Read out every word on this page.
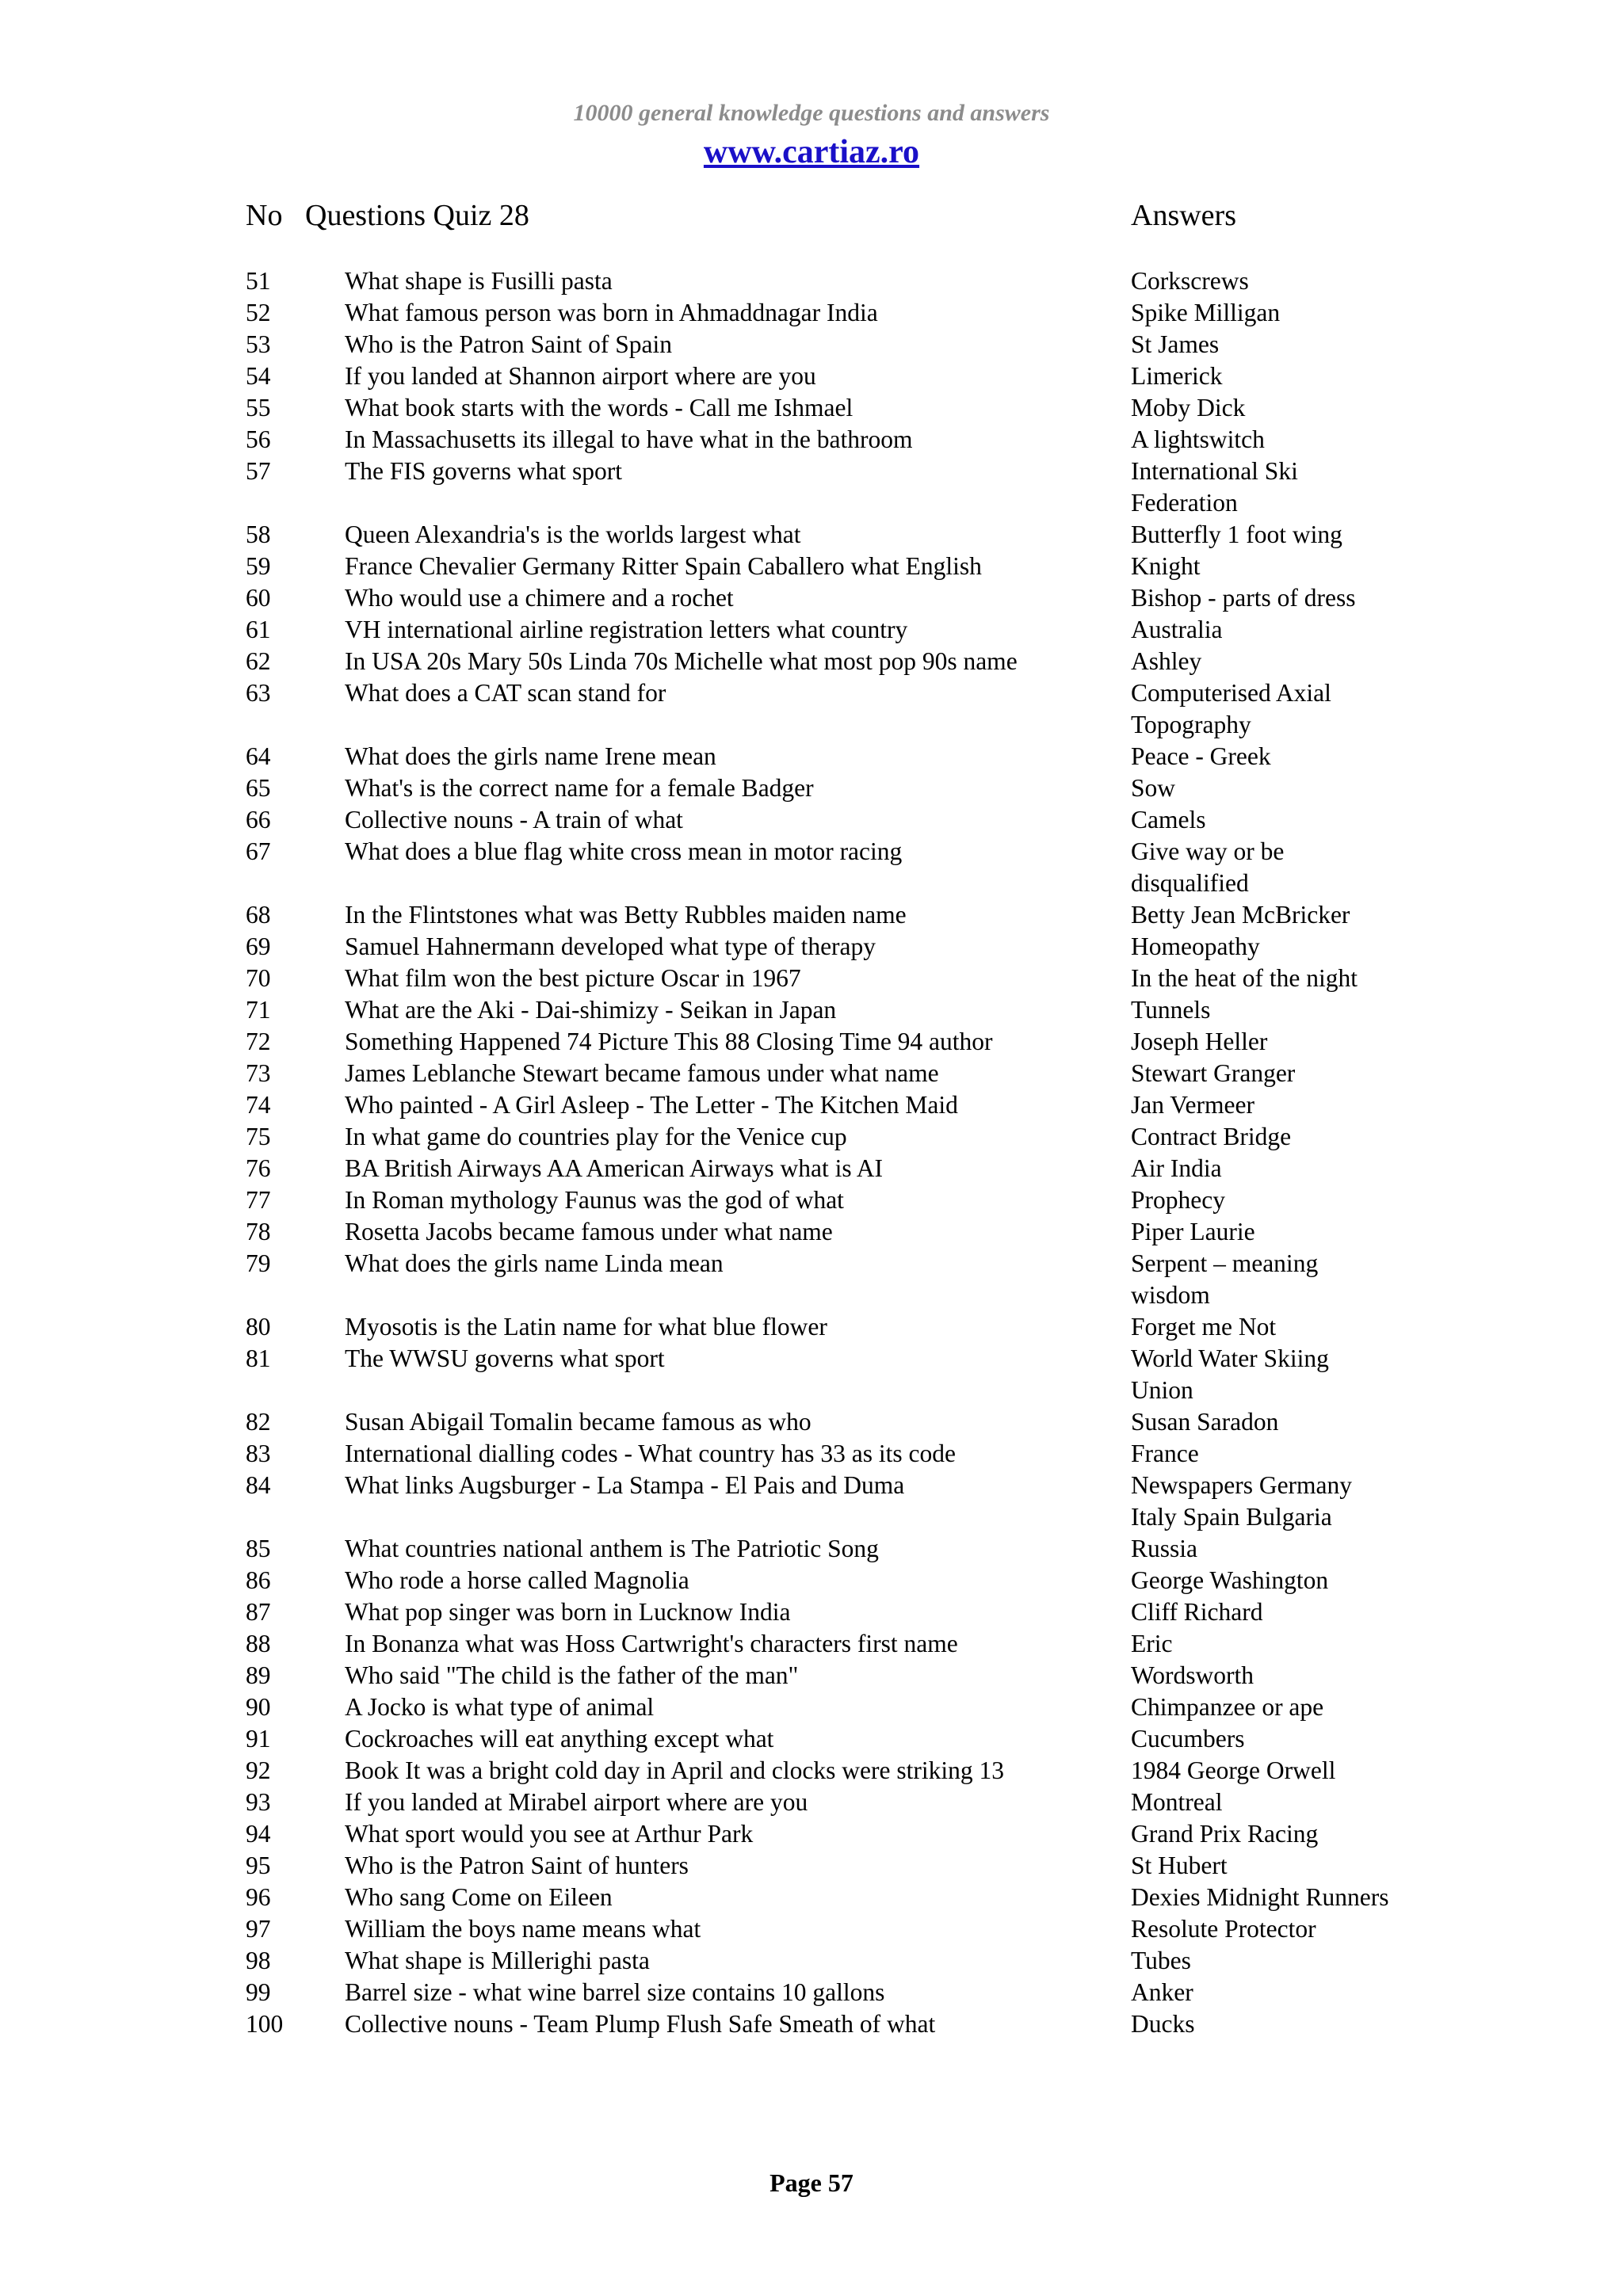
10000 general knowledge questions and answers
www.cartiaz.ro
No Questions Quiz 28	Answers
51	What shape is Fusilli pasta	Corkscrews
52	What famous person was born in Ahmaddnagar India	Spike Milligan
53	Who is the Patron Saint of Spain	St James
54	If you landed at Shannon airport where are you	Limerick
55	What book starts with the words - Call me Ishmael	Moby Dick
56	In Massachusetts its illegal to have what in the bathroom	A lightswitch
57	The FIS governs what sport	International Ski Federation
58	Queen Alexandria's is the worlds largest what	Butterfly 1 foot wing
59	France Chevalier Germany Ritter Spain Caballero what English	Knight
60	Who would use a chimere and a rochet	Bishop - parts of dress
61	VH international airline registration letters what country	Australia
62	In USA 20s Mary 50s Linda 70s Michelle what most pop 90s name	Ashley
63	What does a CAT scan stand for	Computerised Axial Topography
64	What does the girls name Irene mean	Peace - Greek
65	What's is the correct name for a female Badger	Sow
66	Collective nouns - A train of what	Camels
67	What does a blue flag white cross mean in motor racing	Give way or be disqualified
68	In the Flintstones what was Betty Rubbles maiden name	Betty Jean McBricker
69	Samuel Hahnermann developed what type of therapy	Homeopathy
70	What film won the best picture Oscar in 1967	In the heat of the night
71	What are the Aki - Dai-shimizy - Seikan in Japan	Tunnels
72	Something Happened 74 Picture This 88 Closing Time 94 author	Joseph Heller
73	James Leblanche Stewart became famous under what name	Stewart Granger
74	Who painted - A Girl Asleep - The Letter - The Kitchen Maid	Jan Vermeer
75	In what game do countries play for the Venice cup	Contract Bridge
76	BA British Airways AA American Airways what is AI	Air India
77	In Roman mythology Faunus was the god of what	Prophecy
78	Rosetta Jacobs became famous under what name	Piper Laurie
79	What does the girls name Linda mean	Serpent – meaning wisdom
80	Myosotis is the Latin name for what blue flower	Forget me Not
81	The WWSU governs what sport	World Water Skiing Union
82	Susan Abigail Tomalin became famous as who	Susan Saradon
83	International dialling codes - What country has 33 as its code	France
84	What links Augsburger - La Stampa - El Pais and Duma	Newspapers Germany Italy Spain Bulgaria
85	What countries national anthem is The Patriotic Song	Russia
86	Who rode a horse called Magnolia	George Washington
87	What pop singer was born in Lucknow India	Cliff Richard
88	In Bonanza what was Hoss Cartwright's characters first name	Eric
89	Who said "The child is the father of the man"	Wordsworth
90	A Jocko is what type of animal	Chimpanzee or ape
91	Cockroaches will eat anything except what	Cucumbers
92	Book It was a bright cold day in April and clocks were striking 13	1984 George Orwell
93	If you landed at Mirabel airport where are you	Montreal
94	What sport would you see at Arthur Park	Grand Prix Racing
95	Who is the Patron Saint of hunters	St Hubert
96	Who sang Come on Eileen	Dexies Midnight Runners
97	William the boys name means what	Resolute Protector
98	What shape is Millerighi pasta	Tubes
99	Barrel size - what wine barrel size contains 10 gallons	Anker
100 Collective nouns - Team Plump Flush Safe Smeath of what	Ducks
Page 57
